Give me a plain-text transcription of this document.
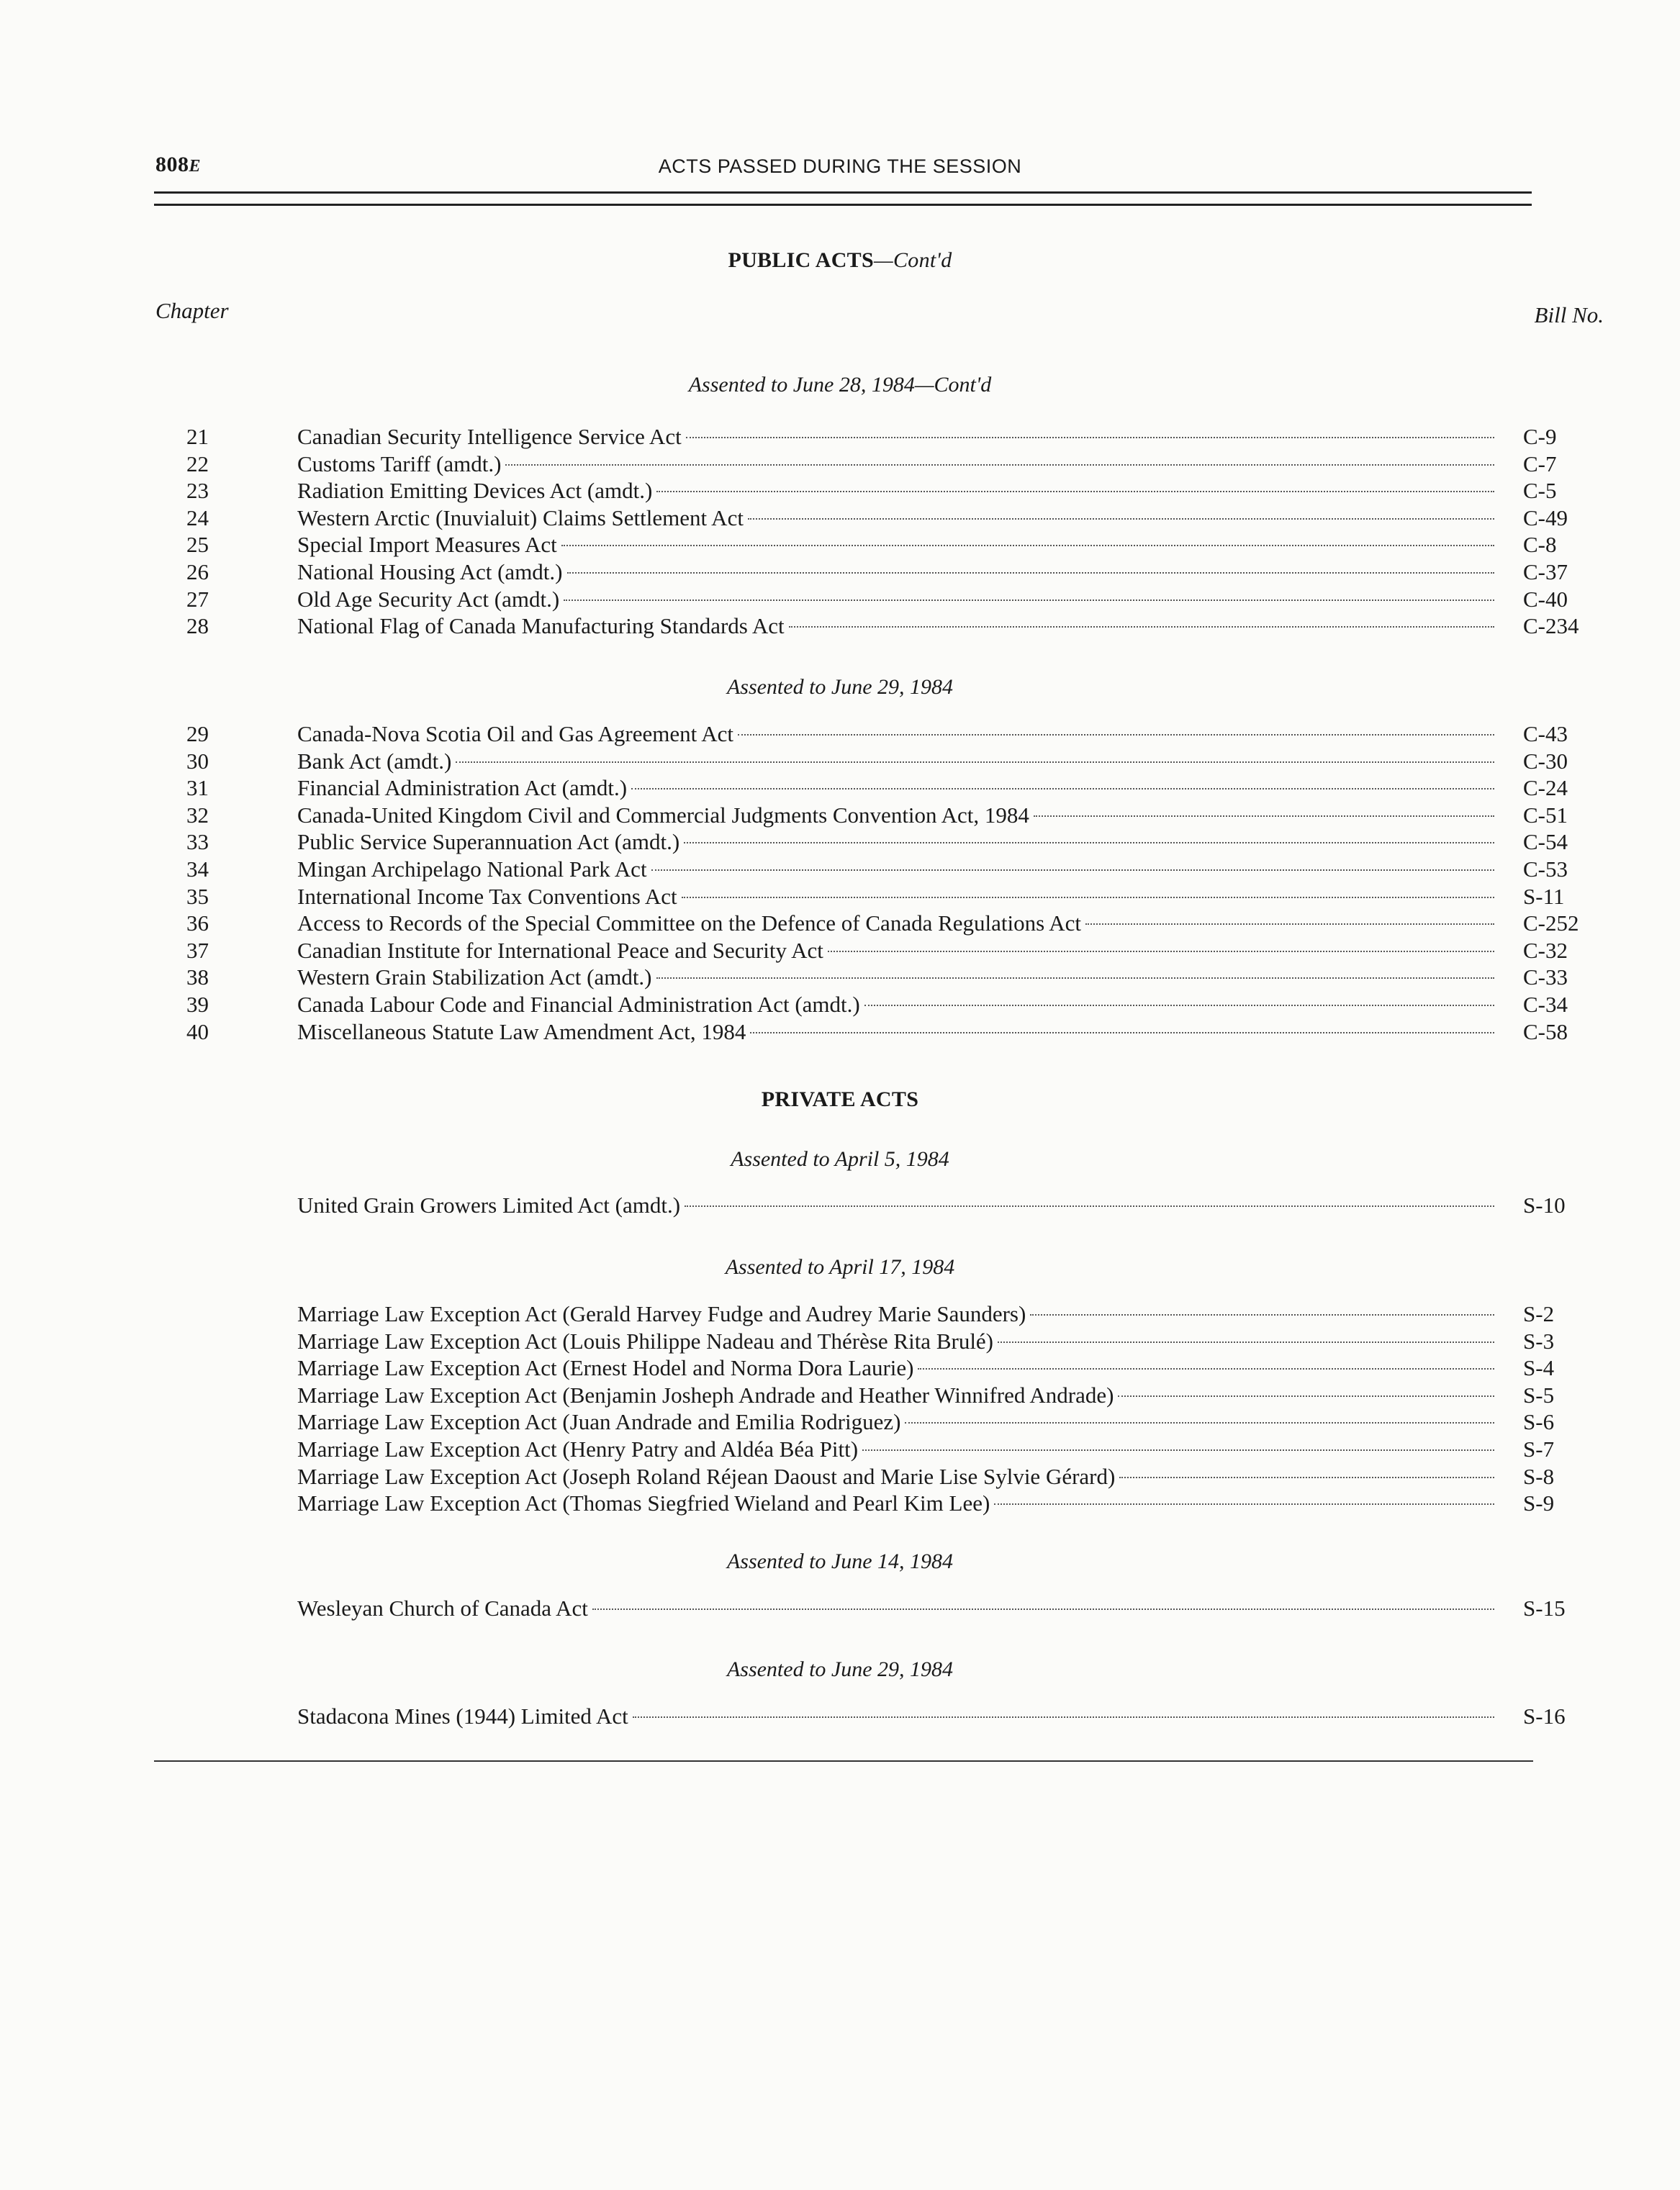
808E	ACTS PASSED DURING THE SESSION
PUBLIC ACTS—Cont'd
Chapter	Bill No.
Assented to June 28, 1984—Cont'd
21	Canadian Security Intelligence Service Act	C-9
22	Customs Tariff (amdt.)	C-7
23	Radiation Emitting Devices Act (amdt.)	C-5
24	Western Arctic (Inuvialuit) Claims Settlement Act	C-49
25	Special Import Measures Act	C-8
26	National Housing Act (amdt.)	C-37
27	Old Age Security Act (amdt.)	C-40
28	National Flag of Canada Manufacturing Standards Act	C-234
Assented to June 29, 1984
29	Canada-Nova Scotia Oil and Gas Agreement Act	C-43
30	Bank Act (amdt.)	C-30
31	Financial Administration Act (amdt.)	C-24
32	Canada-United Kingdom Civil and Commercial Judgments Convention Act, 1984	C-51
33	Public Service Superannuation Act (amdt.)	C-54
34	Mingan Archipelago National Park Act	C-53
35	International Income Tax Conventions Act	S-11
36	Access to Records of the Special Committee on the Defence of Canada Regulations Act	C-252
37	Canadian Institute for International Peace and Security Act	C-32
38	Western Grain Stabilization Act (amdt.)	C-33
39	Canada Labour Code and Financial Administration Act (amdt.)	C-34
40	Miscellaneous Statute Law Amendment Act, 1984	C-58
PRIVATE ACTS
Assented to April 5, 1984
United Grain Growers Limited Act (amdt.)	S-10
Assented to April 17, 1984
Marriage Law Exception Act (Gerald Harvey Fudge and Audrey Marie Saunders)	S-2
Marriage Law Exception Act (Louis Philippe Nadeau and Thérèse Rita Brulé)	S-3
Marriage Law Exception Act (Ernest Hodel and Norma Dora Laurie)	S-4
Marriage Law Exception Act (Benjamin Josheph Andrade and Heather Winnifred Andrade)	S-5
Marriage Law Exception Act (Juan Andrade and Emilia Rodriguez)	S-6
Marriage Law Exception Act (Henry Patry and Aldéa Béa Pitt)	S-7
Marriage Law Exception Act (Joseph Roland Réjean Daoust and Marie Lise Sylvie Gérard)	S-8
Marriage Law Exception Act (Thomas Siegfried Wieland and Pearl Kim Lee)	S-9
Assented to June 14, 1984
Wesleyan Church of Canada Act	S-15
Assented to June 29, 1984
Stadacona Mines (1944) Limited Act	S-16
